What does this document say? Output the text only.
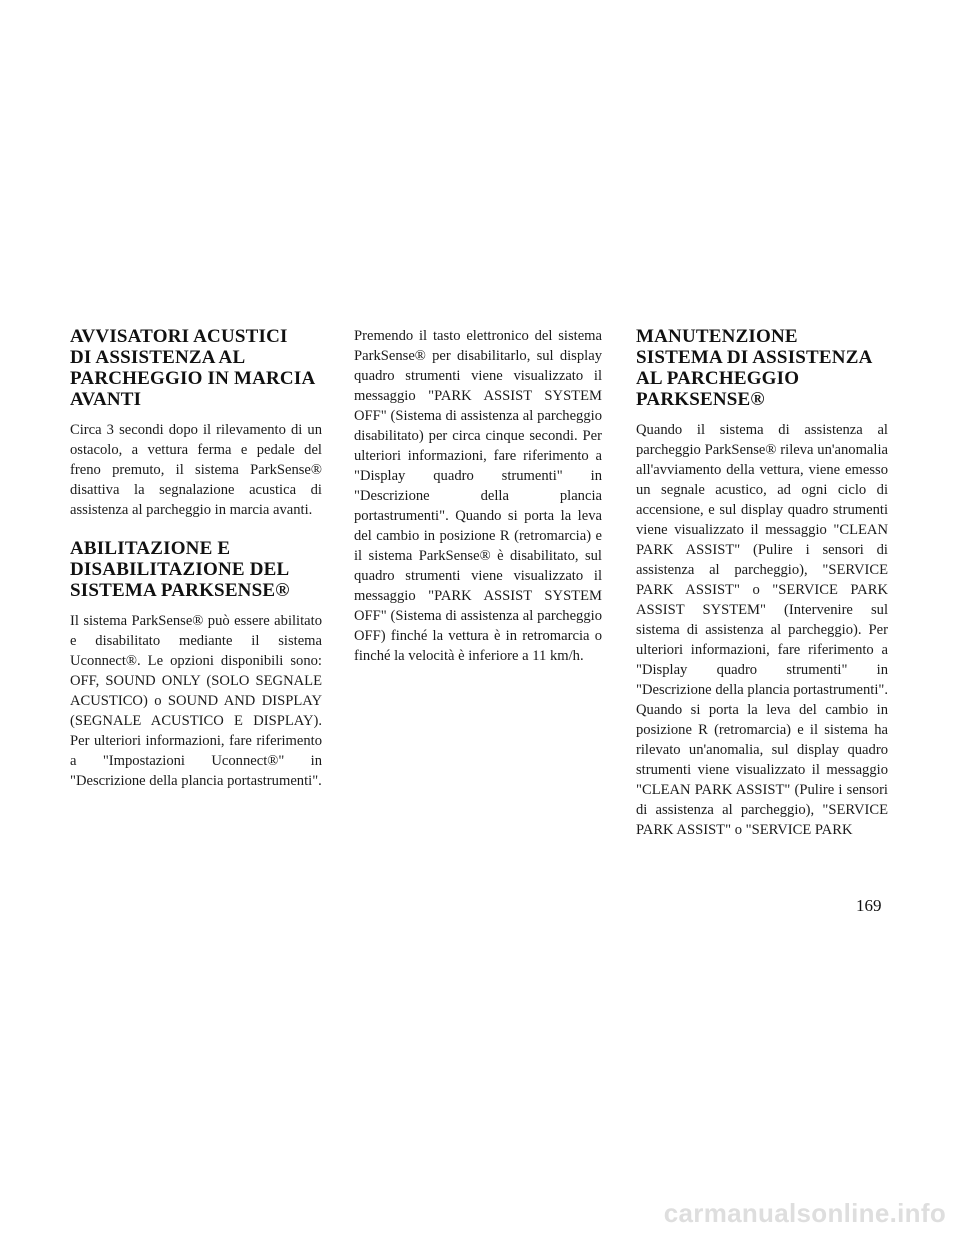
AVVISATORI ACUSTICI
DI ASSISTENZA AL
PARCHEGGIO IN MARCIA
AVANTI

Circa 3 secondi dopo il rilevamento di un ostacolo, a vettura ferma e pedale del freno premuto, il sistema ParkSense® disattiva la segnalazione acustica di assistenza al parcheggio in marcia avanti.

ABILITAZIONE E
DISABILITAZIONE DEL
SISTEMA PARKSENSE®

Il sistema ParkSense® può essere abilitato e disabilitato mediante il sistema Uconnect®. Le opzioni disponibili sono: OFF, SOUND ONLY (SOLO SEGNALE ACUSTICO) o SOUND AND DISPLAY (SEGNALE ACUSTICO E DISPLAY). Per ulteriori informazioni, fare riferimento a "Impostazioni Uconnect®" in "Descrizione della plancia portastrumenti".

Premendo il tasto elettronico del sistema ParkSense® per disabilitarlo, sul display quadro strumenti viene visualizzato il messaggio "PARK ASSIST SYSTEM OFF" (Sistema di assistenza al parcheggio disabilitato) per circa cinque secondi. Per ulteriori informazioni, fare riferimento a "Display quadro strumenti" in "Descrizione della plancia portastrumenti". Quando si porta la leva del cambio in posizione R (retromarcia) e il sistema ParkSense® è disabilitato, sul quadro strumenti viene visualizzato il messaggio "PARK ASSIST SYSTEM OFF" (Sistema di assistenza al parcheggio OFF) finché la vettura è in retromarcia o finché la velocità è inferiore a 11 km/h.

MANUTENZIONE
SISTEMA DI ASSISTENZA
AL PARCHEGGIO
PARKSENSE®

Quando il sistema di assistenza al parcheggio ParkSense® rileva un'anomalia all'avviamento della vettura, viene emesso un segnale acustico, ad ogni ciclo di accensione, e sul display quadro strumenti viene visualizzato il messaggio "CLEAN PARK ASSIST" (Pulire i sensori di assistenza al parcheggio), "SERVICE PARK ASSIST" o "SERVICE PARK ASSIST SYSTEM" (Intervenire sul sistema di assistenza al parcheggio). Per ulteriori informazioni, fare riferimento a "Display quadro strumenti" in "Descrizione della plancia portastrumenti". Quando si porta la leva del cambio in posizione R (retromarcia) e il sistema ha rilevato un'anomalia, sul display quadro strumenti viene visualizzato il messaggio "CLEAN PARK ASSIST" (Pulire i sensori di assistenza al parcheggio), "SERVICE PARK ASSIST" o "SERVICE PARK

169
carmanualsonline.info
